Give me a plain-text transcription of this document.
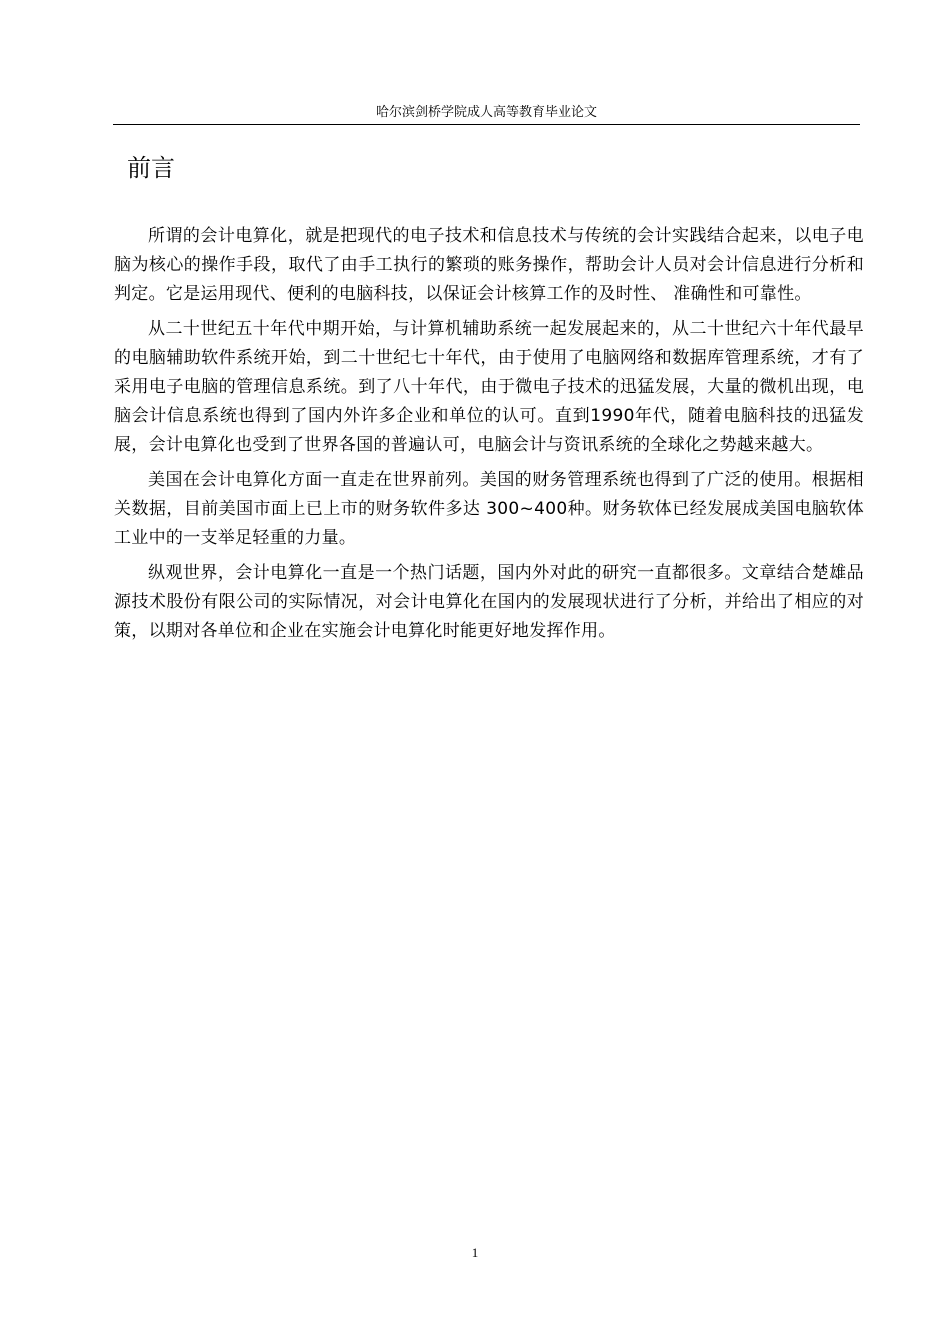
哈尔滨剑桥学院成人高等教育毕业论文
前言

所谓的会计电算化，就是把现代的电子技术和信息技术与传统的会计实践结合起来，以电子电脑为核心的操作手段，取代了由手工执行的繁琐的账务操作，帮助会计人员对会计信息进行分析和判定。它是运用现代、便利的电脑科技，以保证会计核算工作的及时性、 准确性和可靠性。

从二十世纪五十年代中期开始，与计算机辅助系统一起发展起来的，从二十世纪六十年代最早的电脑辅助软件系统开始，到二十世纪七十年代，由于使用了电脑网络和数据库管理系统，才有了采用电子电脑的管理信息系统。到了八十年代，由于微电子技术的迅猛发展，大量的微机出现，电脑会计信息系统也得到了国内外许多企业和单位的认可。直到1990年代，随着电脑科技的迅猛发展，会计电算化也受到了世界各国的普遍认可，电脑会计与资讯系统的全球化之势越来越大。

美国在会计电算化方面一直走在世界前列。美国的财务管理系统也得到了广泛的使用。根据相关数据，目前美国市面上已上市的财务软件多达 300~400种。财务软体已经发展成美国电脑软体工业中的一支举足轻重的力量。

纵观世界，会计电算化一直是一个热门话题，国内外对此的研究一直都很多。文章结合楚雄品源技术股份有限公司的实际情况，对会计电算化在国内的发展现状进行了分析，并给出了相应的对策，以期对各单位和企业在实施会计电算化时能更好地发挥作用。

1
